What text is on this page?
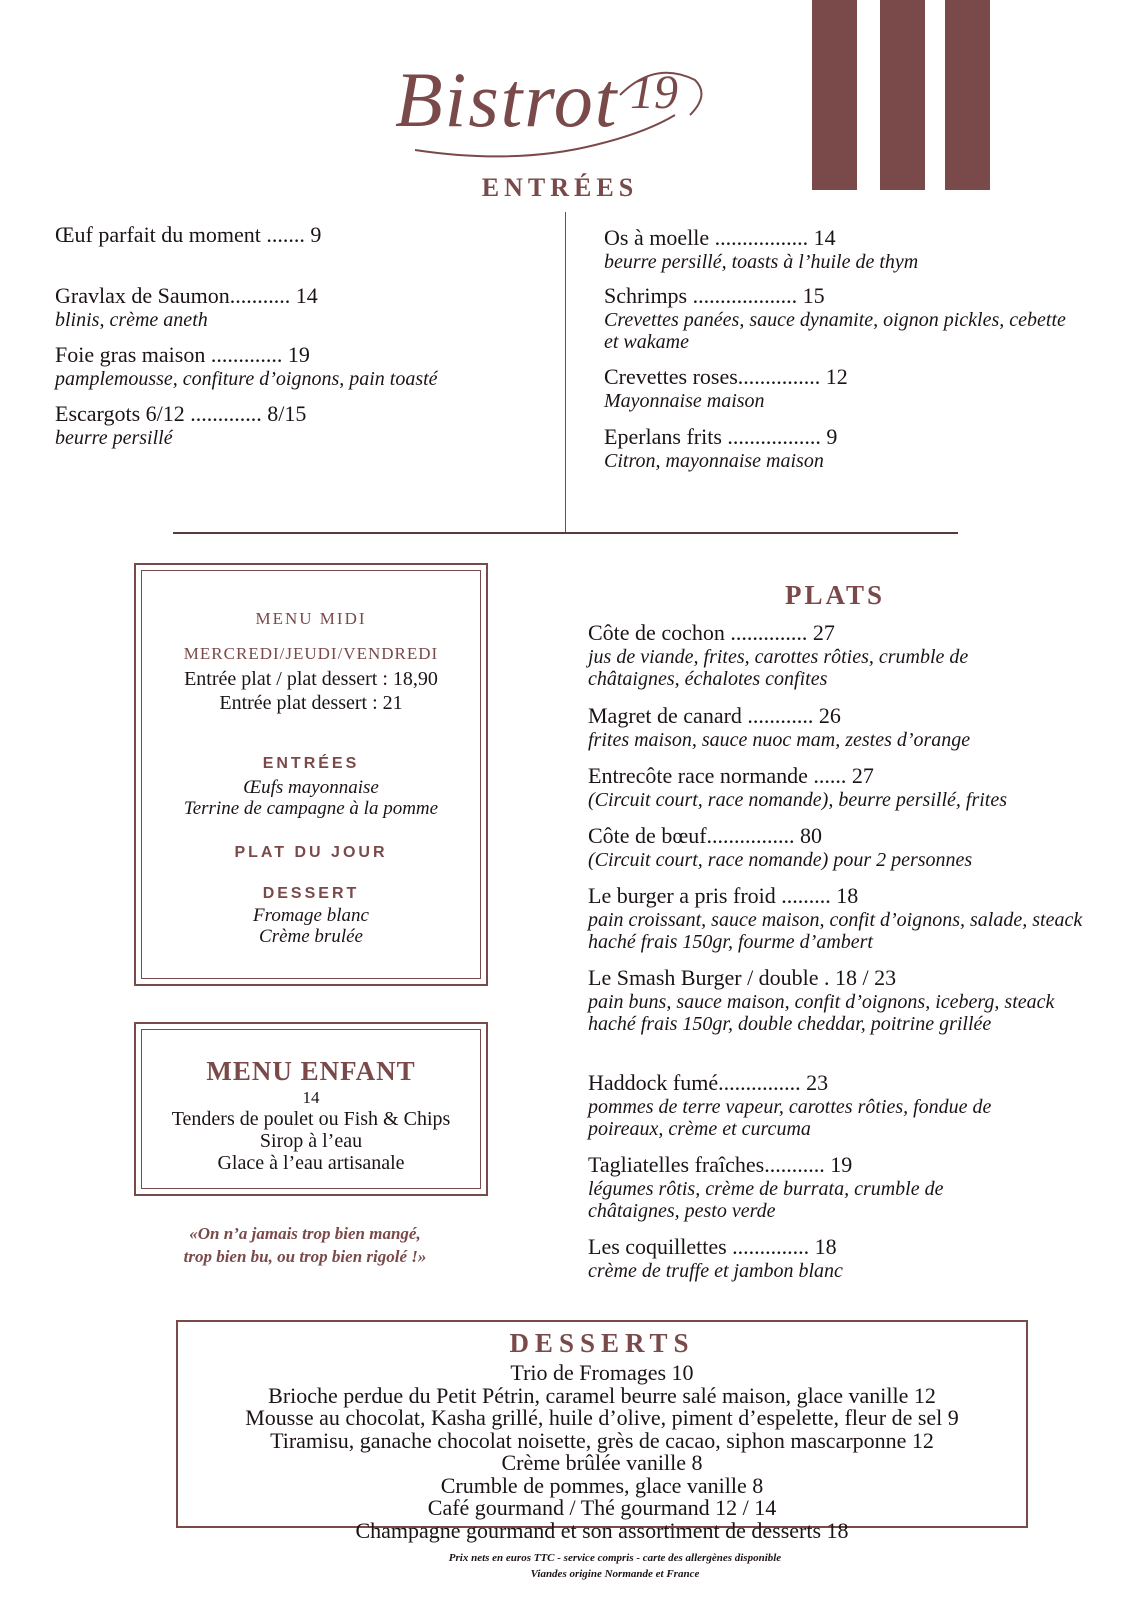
Bistrot 19
ENTRÉES
Œuf parfait du moment ....... 9
Gravlax de Saumon........... 14
blinis, crème aneth
Foie gras maison ............. 19
pamplemousse, confiture d’oignons, pain toasté
Escargots 6/12 ............. 8/15
beurre persillé
Os à moelle ................. 14
beurre persillé, toasts à l’huile de thym
Schrimps ................... 15
Crevettes panées, sauce dynamite, oignon pickles, cebette et wakame
Crevettes roses............... 12
Mayonnaise maison
Eperlans frits ................. 9
Citron, mayonnaise maison
MENU MIDI
MERCREDI/JEUDI/VENDREDI
Entrée plat / plat dessert : 18,90
Entrée plat dessert : 21
ENTRÉES
Œufs mayonnaise
Terrine de campagne à la pomme
PLAT DU JOUR
DESSERT
Fromage blanc
Crème brulée
MENU ENFANT
14
Tenders de poulet ou Fish & Chips
Sirop à l’eau
Glace à l’eau artisanale
«On n’a jamais trop bien mangé,
trop bien bu, ou trop bien rigolé !»
PLATS
Côte de cochon .............. 27
jus de viande, frites, carottes rôties, crumble de châtaignes, échalotes confites
Magret de canard ............ 26
frites maison, sauce nuoc mam, zestes d’orange
Entrecôte race normande ...... 27
(Circuit court, race nomande), beurre persillé, frites
Côte de bœuf................ 80
(Circuit court, race nomande) pour 2 personnes
Le burger a pris froid ......... 18
pain croissant, sauce maison, confit d’oignons, salade, steack haché frais 150gr, fourme d’ambert
Le Smash Burger / double . 18 / 23
pain buns, sauce maison, confit d’oignons, iceberg, steack haché frais 150gr, double cheddar, poitrine grillée
Haddock fumé............... 23
pommes de terre vapeur, carottes rôties, fondue de poireaux, crème et curcuma
Tagliatelles fraîches........... 19
légumes rôtis, crème de burrata, crumble de châtaignes, pesto verde
Les coquillettes .............. 18
crème de truffe et jambon blanc
DESSERTS
Trio de Fromages 10
Brioche perdue du Petit Pétrin, caramel beurre salé maison, glace vanille 12
Mousse au chocolat, Kasha grillé, huile d’olive, piment d’espelette, fleur de sel 9
Tiramisu, ganache chocolat noisette, grès de cacao, siphon mascarponne 12
Crème brûlée vanille 8
Crumble de pommes, glace vanille 8
Café gourmand / Thé gourmand 12 / 14
Champagne gourmand et son assortiment de desserts 18
Prix nets en euros TTC - service compris - carte des allergènes disponible
Viandes origine Normande et France
